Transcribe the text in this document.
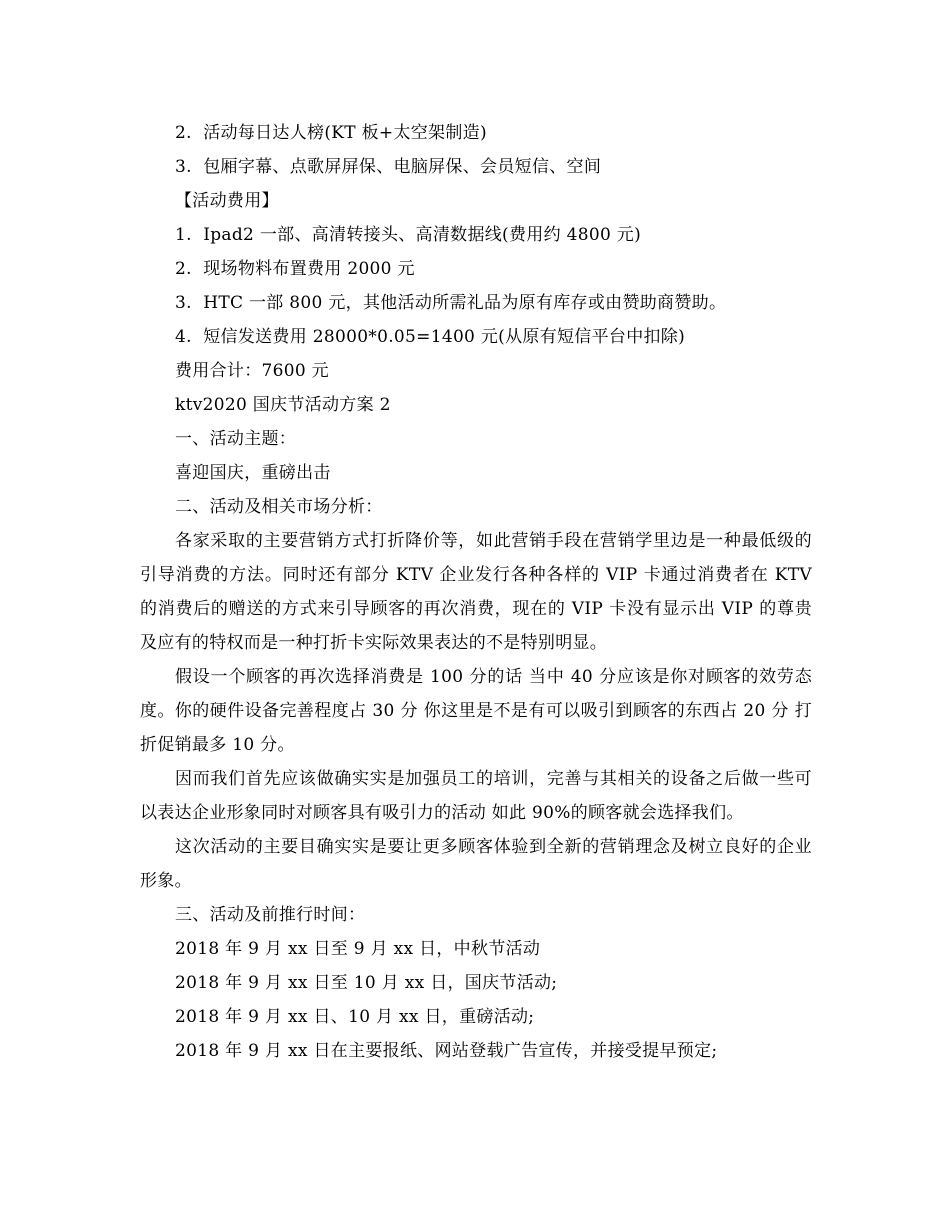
2.  活动每日达人榜(KT 板+太空架制造)
3.  包厢字幕、点歌屏屏保、电脑屏保、会员短信、空间
【活动费用】
1.  Ipad2 一部、高清转接头、高清数据线(费用约 4800 元)
2.  现场物料布置费用 2000 元
3.  HTC 一部 800 元，其他活动所需礼品为原有库存或由赞助商赞助。
4.  短信发送费用 28000*0.05=1400 元(从原有短信平台中扣除)
费用合计：7600 元
ktv2020 国庆节活动方案 2
一、活动主题：
喜迎国庆，重磅出击
二、活动及相关市场分析：

各家采取的主要营销方式打折降价等，如此营销手段在营销学里边是一种最低级的引导消费的方法。同时还有部分 KTV 企业发行各种各样的 VIP 卡通过消费者在 KTV 的消费后的赠送的方式来引导顾客的再次消费，现在的 VIP 卡没有显示出 VIP 的尊贵及应有的特权而是一种打折卡实际效果表达的不是特别明显。

假设一个顾客的再次选择消费是 100 分的话 当中 40 分应该是你对顾客的效劳态度。你的硬件设备完善程度占 30 分 你这里是不是有可以吸引到顾客的东西占 20 分 打折促销最多 10 分。

因而我们首先应该做确实实是加强员工的培训，完善与其相关的设备之后做一些可以表达企业形象同时对顾客具有吸引力的活动 如此 90%的顾客就会选择我们。

这次活动的主要目确实实是要让更多顾客体验到全新的营销理念及树立良好的企业形象。

三、活动及前推行时间：
2018 年 9 月 xx 日至 9 月 xx 日，中秋节活动
2018 年 9 月 xx 日至 10 月 xx 日，国庆节活动;
2018 年 9 月 xx 日、10 月 xx 日，重磅活动;
2018 年 9 月 xx 日在主要报纸、网站登载广告宣传，并接受提早预定;
